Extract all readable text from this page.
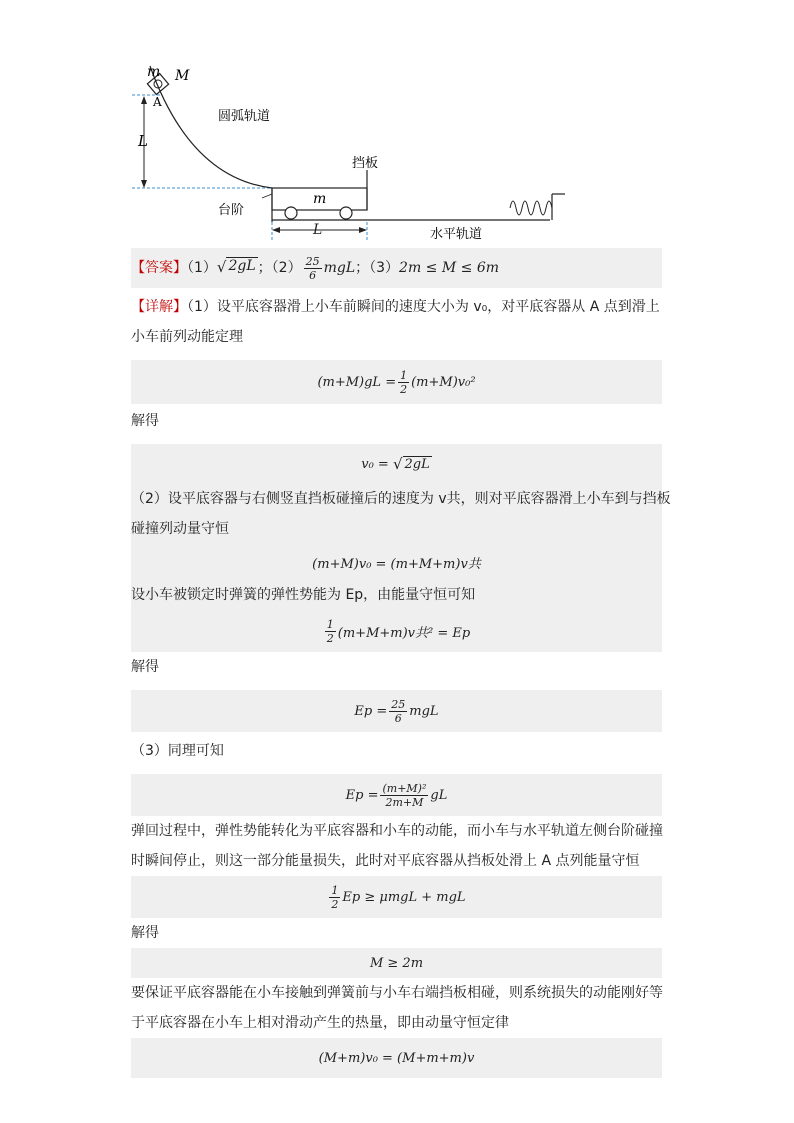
L
m M
A
圆弧轨道
台阶
m
挡板
水平轨道
L
【答案】（1） √ 2gL ；$(2) \frac{25}{6}$ mgL；（3）2m ≤ M ≤ 6m
【详解】（1）设平底容器滑上小车前瞬间的速度大小为 v₀，对平底容器从 A 点到滑上
小车前列动能定理
$(m+M)gL = \frac{1}{2} (m+M)v_0^2$
解得
v₀ =
√ 2gL
（2）设平底容器与右侧竖直挡板碰撞后的速度为 v共，则对平底容器滑上小车到与挡板
碰撞列动量守恒
(m+M)v₀ = (m+M+m)v共
设小车被锁定时弹簧的弹性势能为 Ep，由能量守恒可知
$\frac{1}{2} (m+M+m)v$共² = Ep
解得
$Ep = \frac{25}{6}$ mgL
（3）同理可知
$Ep = \frac{\text{(m+M)²}}{2m+M}$ gL
弹回过程中，弹性势能转化为平底容器和小车的动能，而小车与水平轨道左侧台阶碰撞
时瞬间停止，则这一部分能量损失，此时对平底容器从挡板处滑上 A 点列能量守恒
$\frac{1}{2}$ Ep ≥ μmgL + mgL
解得
M ≥ 2m
要保证平底容器能在小车接触到弹簧前与小车右端挡板相碰，则系统损失的动能刚好等
于平底容器在小车上相对滑动产生的热量，即由动量守恒定律
(M+m)v₀ = (M+m+m)v
